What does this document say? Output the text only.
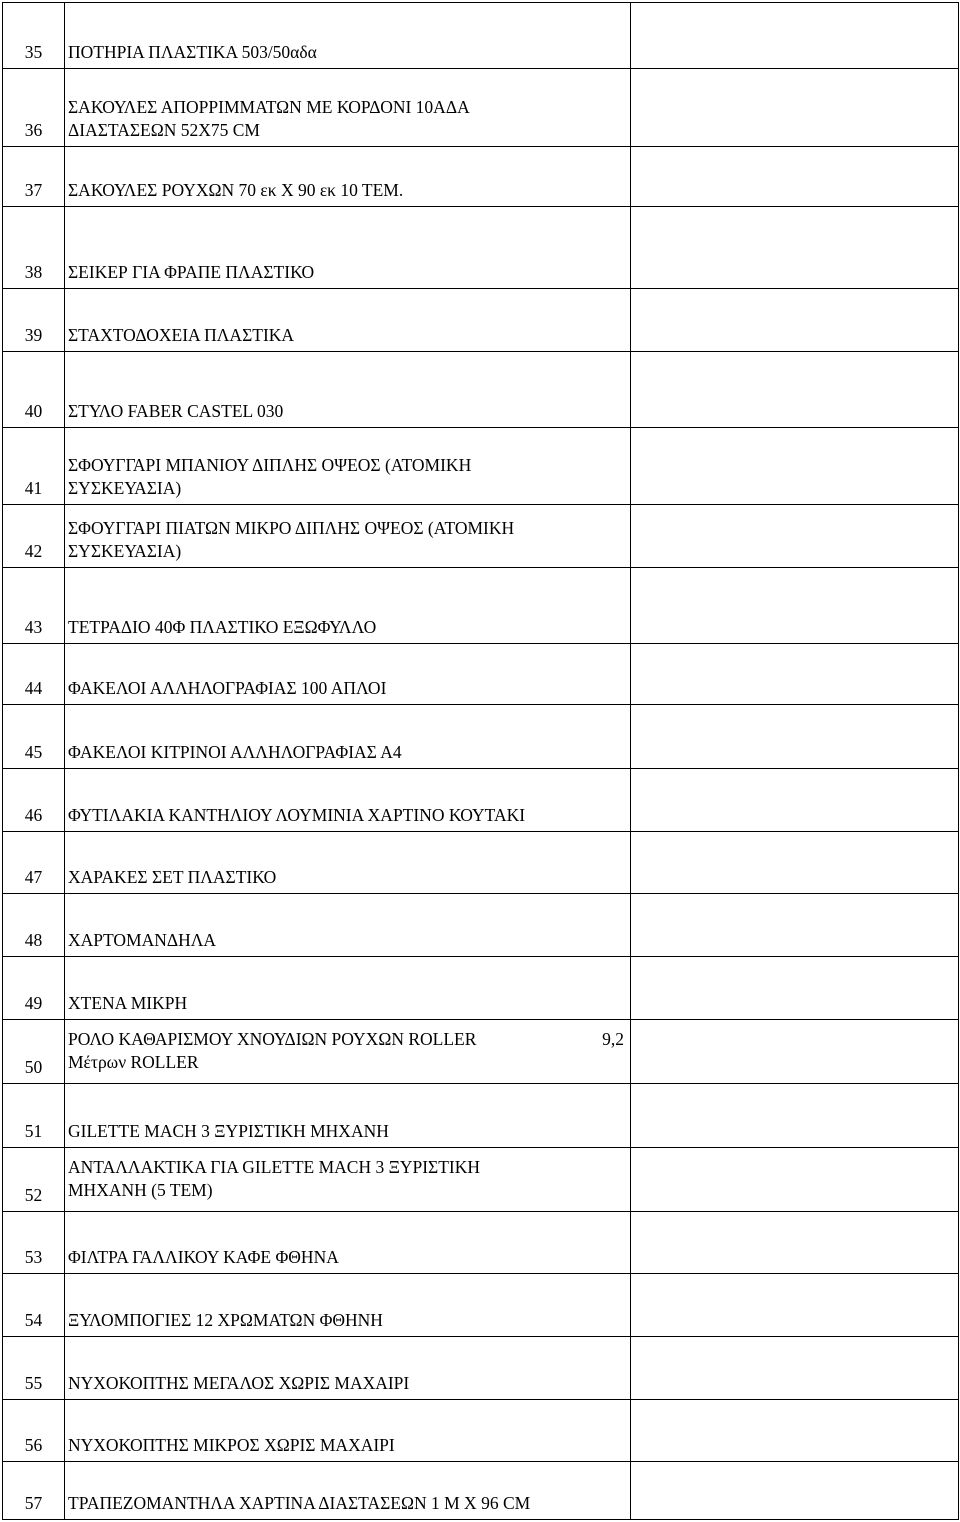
35	ΠΟΤΗΡΙΑ ΠΛΑΣΤΙΚΑ 503/50αδα	

36	ΣΑΚΟΥΛΕΣ ΑΠΟΡΡΙΜΜΑΤΩΝ ΜΕ ΚΟΡΔΟΝΙ 10ΑΔΑ
ΔΙΑΣΤΑΣΕΩΝ 52Χ75 CM	

37	ΣΑΚΟΥΛΕΣ ΡΟΥΧΩΝ 70 εκ Χ 90 εκ 10 ΤΕΜ.	

38	ΣΕΙΚΕΡ ΓΙΑ ΦΡΑΠΕ ΠΛΑΣΤΙΚΟ	

39	ΣΤΑΧΤΟΔΟΧΕΙΑ ΠΛΑΣΤΙΚΑ	

40	ΣΤΥΛΟ FABER CASTEL 030	

41	ΣΦΟΥΓΓΑΡΙ ΜΠΑΝΙΟΥ ΔΙΠΛΗΣ ΟΨΕΟΣ (ΑΤΟΜΙΚΗ
ΣΥΣΚΕΥΑΣΙΑ)	

42	ΣΦΟΥΓΓΑΡΙ ΠΙΑΤΩΝ ΜΙΚΡΟ ΔΙΠΛΗΣ ΟΨΕΟΣ (ΑΤΟΜΙΚΗ
ΣΥΣΚΕΥΑΣΙΑ)	

43	ΤΕΤΡΑΔΙΟ 40Φ ΠΛΑΣΤΙΚΟ ΕΞΩΦΥΛΛΟ	

44	ΦΑΚΕΛΟΙ ΑΛΛΗΛΟΓΡΑΦΙΑΣ 100 ΑΠΛΟΙ	

45	ΦΑΚΕΛΟΙ ΚΙΤΡΙΝΟΙ ΑΛΛΗΛΟΓΡΑΦΙΑΣ Α4	

46	ΦΥΤΙΛΑΚΙΑ ΚΑΝΤΗΛΙΟΥ ΛΟΥΜΙΝΙΑ ΧΑΡΤΙΝΟ ΚΟΥΤΑΚΙ	

47	ΧΑΡΑΚΕΣ ΣΕΤ ΠΛΑΣΤΙΚΟ	

48	ΧΑΡΤΟΜΑΝΔΗΛΑ	

49	ΧΤΕΝΑ ΜΙΚΡΗ	

50	ΡΟΛΟ ΚΑΘΑΡΙΣΜΟΥ ΧΝΟΥΔΙΩΝ ΡΟΥΧΩΝ ROLLER 9,2
Μέτρων ROLLER	

51	GILETTE MACH 3 ΞΥΡΙΣΤΙΚΗ ΜΗΧΑΝΗ	

52	ΑΝΤΑΛΛΑΚΤΙΚΑ ΓΙΑ GILETTE MACH 3 ΞΥΡΙΣΤΙΚΗ
ΜΗΧΑΝΗ (5 ΤΕΜ)	

53	ΦΙΛΤΡΑ ΓΑΛΛΙΚΟΥ ΚΑΦΕ ΦΘΗΝΑ	

54	ΞΥΛΟΜΠΟΓΙΕΣ 12 ΧΡΩΜΑΤΩΝ ΦΘΗΝΗ	

55	ΝΥΧΟΚΟΠΤΗΣ ΜΕΓΑΛΟΣ ΧΩΡΙΣ ΜΑΧΑΙΡΙ	

56	ΝΥΧΟΚΟΠΤΗΣ ΜΙΚΡΟΣ ΧΩΡΙΣ ΜΑΧΑΙΡΙ	

57	ΤΡΑΠΕΖΟΜΑΝΤΗΛΑ ΧΑΡΤΙΝΑ ΔΙΑΣΤΑΣΕΩΝ 1 Μ Χ 96 CM	
